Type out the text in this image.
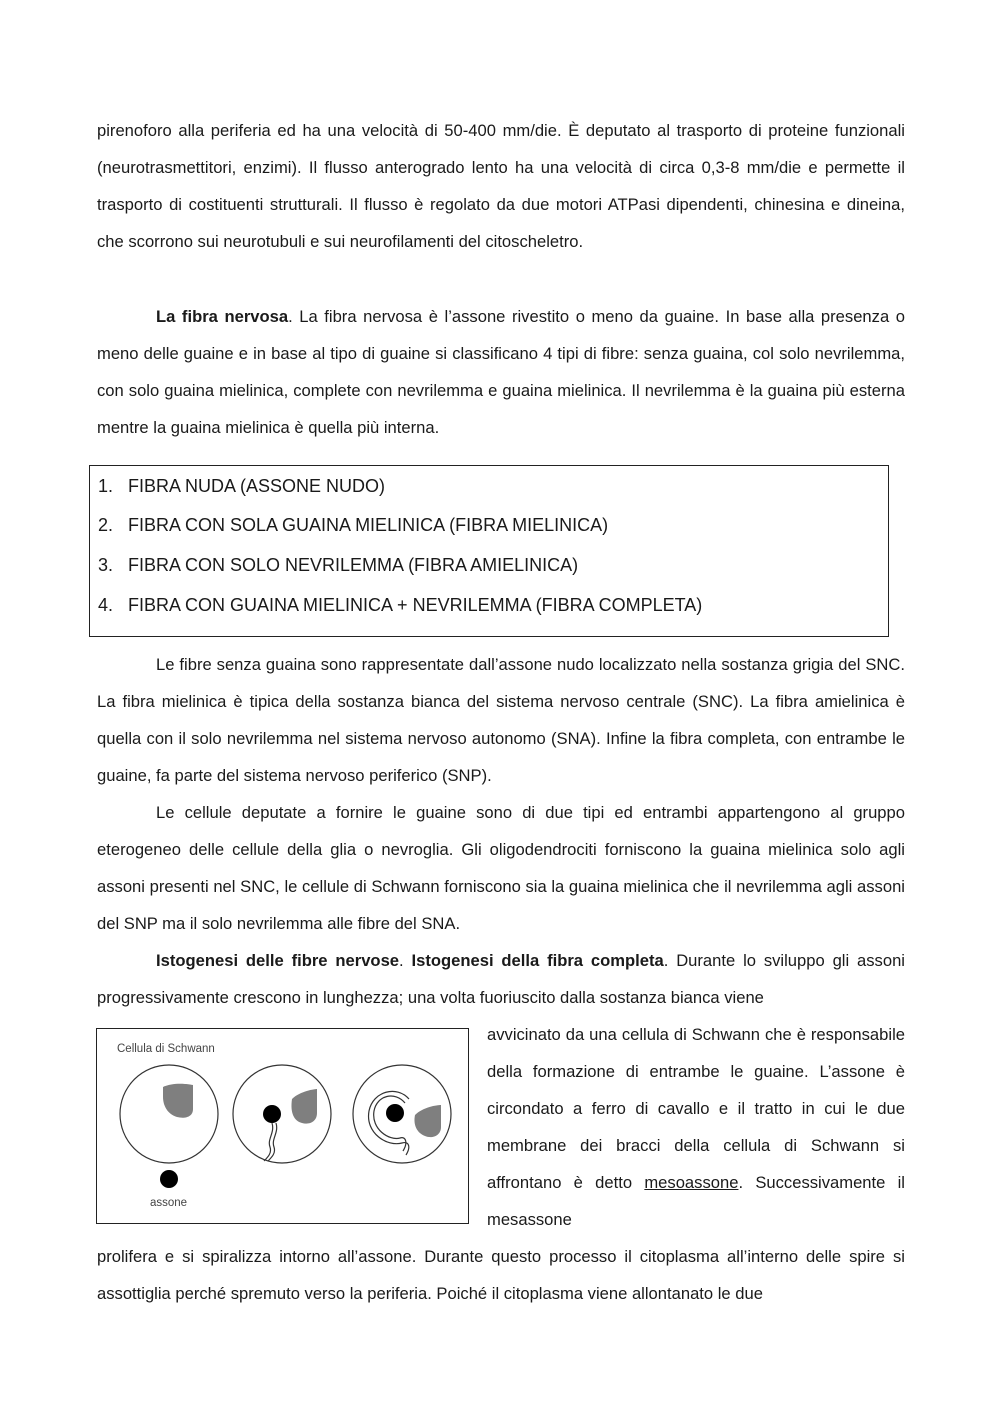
pirenoforo alla periferia ed ha una velocità di 50-400 mm/die. È deputato al trasporto di proteine funzionali (neurotrasmettitori, enzimi). Il flusso anterogrado lento ha una velocità di circa 0,3-8 mm/die e permette il trasporto di costituenti strutturali. Il flusso è regolato da due motori ATPasi dipendenti, chinesina e dineina, che scorrono sui neurotubuli e sui neurofilamenti del citoscheletro.

La fibra nervosa. La fibra nervosa è l’assone rivestito o meno da guaine. In base alla presenza o meno delle guaine e in base al tipo di guaine si classificano 4 tipi di fibre: senza guaina, col solo nevrilemma, con solo guaina mielinica, complete con nevrilemma e guaina mielinica. Il nevrilemma è la guaina più esterna mentre la guaina mielinica è quella più interna.

1. FIBRA NUDA (ASSONE NUDO)
2. FIBRA CON SOLA GUAINA MIELINICA (FIBRA MIELINICA)
3. FIBRA CON SOLO NEVRILEMMA (FIBRA AMIELINICA)
4. FIBRA CON GUAINA MIELINICA + NEVRILEMMA (FIBRA COMPLETA)

Le fibre senza guaina sono rappresentate dall’assone nudo localizzato nella sostanza grigia del SNC. La fibra mielinica è tipica della sostanza bianca del sistema nervoso centrale (SNC). La fibra amielinica è quella con il solo nevrilemma nel sistema nervoso autonomo (SNA). Infine la fibra completa, con entrambe le guaine, fa parte del sistema nervoso periferico (SNP).

Le cellule deputate a fornire le guaine sono di due tipi ed entrambi appartengono al gruppo eterogeneo delle cellule della glia o nevroglia. Gli oligodendrociti forniscono la guaina mielinica solo agli assoni presenti nel SNC, le cellule di Schwann forniscono sia la guaina mielinica che il nevrilemma agli assoni del SNP ma il solo nevrilemma alle fibre del SNA.

Istogenesi delle fibre nervose. Istogenesi della fibra completa. Durante lo sviluppo gli assoni progressivamente crescono in lunghezza; una volta fuoriuscito dalla sostanza bianca viene

Cellula di Schwann
assone

avvicinato da una cellula di Schwann che è responsabile della formazione di entrambe le guaine. L’assone è circondato a ferro di cavallo e il tratto in cui le due membrane dei bracci della cellula di Schwann si affrontano è detto mesoassone. Successivamente il mesassone

prolifera e si spiralizza intorno all’assone. Durante questo processo il citoplasma all’interno delle spire si assottiglia perché spremuto verso la periferia. Poiché il citoplasma viene allontanato le due
